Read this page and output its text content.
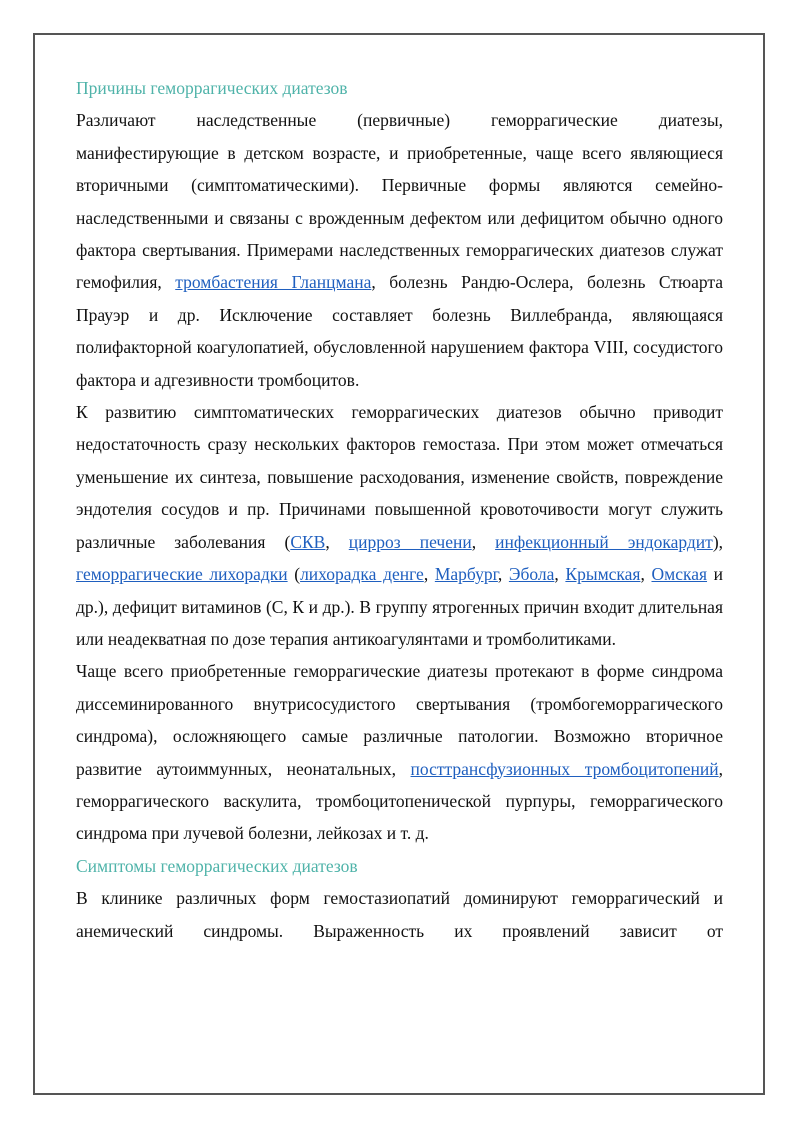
Причины геморрагических диатезов

Различают наследственные (первичные) геморрагические диатезы, манифестирующие в детском возрасте, и приобретенные, чаще всего являющиеся вторичными (симптоматическими). Первичные формы являются семейно-наследственными и связаны с врожденным дефектом или дефицитом обычно одного фактора свертывания. Примерами наследственных геморрагических диатезов служат гемофилия, тромбастения Гланцмана, болезнь Рандю-Ослера, болезнь Стюарта Прауэр и др. Исключение составляет болезнь Виллебранда, являющаяся полифакторной коагулопатией, обусловленной нарушением фактора VIII, сосудистого фактора и адгезивности тромбоцитов.

К развитию симптоматических геморрагических диатезов обычно приводит недостаточность сразу нескольких факторов гемостаза. При этом может отмечаться уменьшение их синтеза, повышение расходования, изменение свойств, повреждение эндотелия сосудов и пр. Причинами повышенной кровоточивости могут служить различные заболевания (СКВ, цирроз печени, инфекционный эндокардит), геморрагические лихорадки (лихорадка денге, Марбург, Эбола, Крымская, Омская и др.), дефицит витаминов (С, К и др.). В группу ятрогенных причин входит длительная или неадекватная по дозе терапия антикоагулянтами и тромболитиками.

Чаще всего приобретенные геморрагические диатезы протекают в форме синдрома диссеминированного внутрисосудистого свертывания (тромбогеморрагического синдрома), осложняющего самые различные патологии. Возможно вторичное развитие аутоиммунных, неонатальных, посттрансфузионных тромбоцитопений, геморрагического васкулита, тромбоцитопенической пурпуры, геморрагического синдрома при лучевой болезни, лейкозах и т. д.

Симптомы геморрагических диатезов

В клинике различных форм гемостазиопатий доминируют геморрагический и анемический синдромы. Выраженность их проявлений зависит от
